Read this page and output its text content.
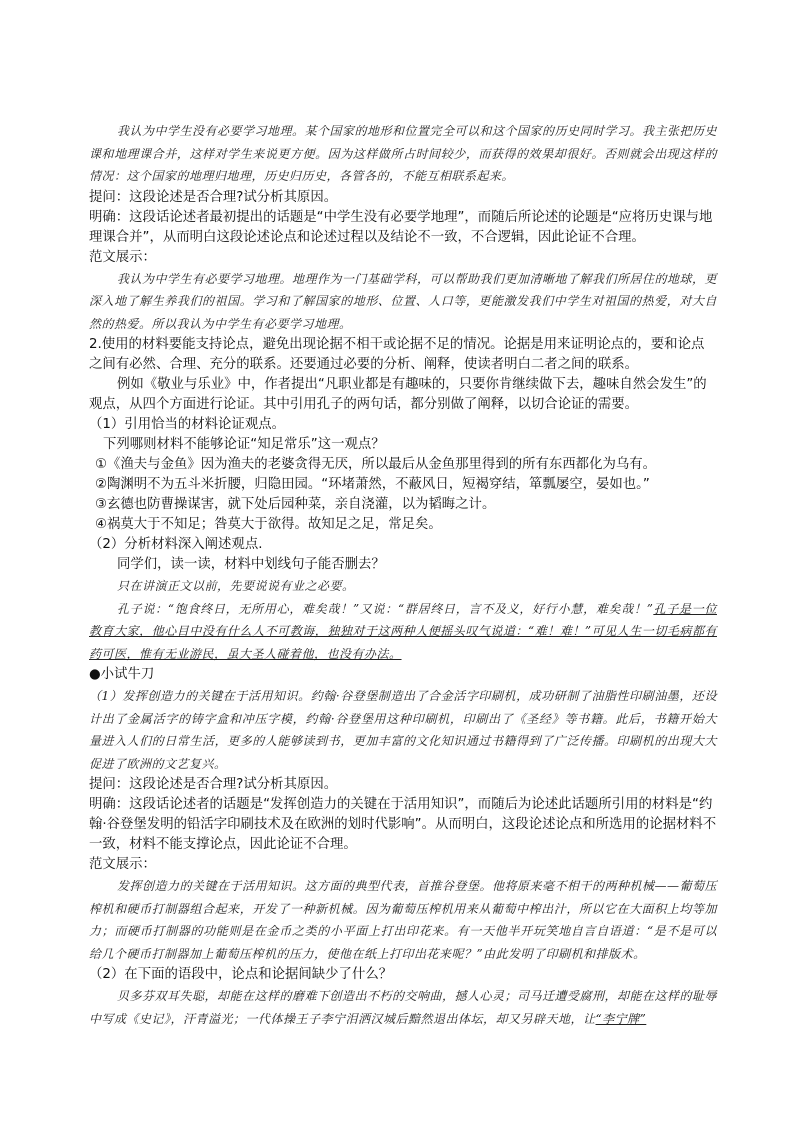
我认为中学生没有必要学习地理。某个国家的地形和位置完全可以和这个国家的历史同时学习。我主张把历史课和地理课合并，这样对学生来说更方便。因为这样做所占时间较少，而获得的效果却很好。否则就会出现这样的情况：这个国家的地理归地理，历史归历史，各管各的，不能互相联系起来。

提问：这段论述是否合理?试分析其原因。

明确：这段话论述者最初提出的话题是“中学生没有必要学地理”，而随后所论述的论题是“应将历史课与地理课合并”，从而明白这段论述论点和论述过程以及结论不一致，不合逻辑，因此论证不合理。

范文展示：

我认为中学生有必要学习地理。地理作为一门基础学科，可以帮助我们更加清晰地了解我们所居住的地球，更深入地了解生养我们的祖国。学习和了解国家的地形、位置、人口等，更能激发我们中学生对祖国的热爱，对大自然的热爱。所以我认为中学生有必要学习地理。

2.使用的材料要能支持论点，避免出现论据不相干或论据不足的情况。论据是用来证明论点的，要和论点之间有必然、合理、充分的联系。还要通过必要的分析、阐释，使读者明白二者之间的联系。

例如《敬业与乐业》中，作者提出“凡职业都是有趣味的，只要你肯继续做下去，趣味自然会发生”的观点，从四个方面进行论证。其中引用孔子的两句话，都分别做了阐释，以切合论证的需要。

（1）引用恰当的材料论证观点。

下列哪则材料不能够论证“知足常乐”这一观点？

①《渔夫与金鱼》因为渔夫的老婆贪得无厌，所以最后从金鱼那里得到的所有东西都化为乌有。

②陶渊明不为五斗米折腰，归隐田园。“环堵萧然，不蔽风日，短褐穿结，箪瓢屡空，晏如也。”

③玄德也防曹操谋害，就下处后园种菜，亲自浇灌，以为韬晦之计。

④祸莫大于不知足；咎莫大于欲得。故知足之足，常足矣。

（2）分析材料深入阐述观点.

同学们，读一读，材料中划线句子能否删去？

只在讲演正文以前，先要说说有业之必要。

孔子说：“饱食终日，无所用心，难矣哉！”又说：“群居终日，言不及义，好行小慧，难矣哉！”孔子是一位教育大家，他心目中没有什么人不可教诲，独独对于这两种人便摇头叹气说道：“难！难！”可见人生一切毛病都有药可医，惟有无业游民，虽大圣人碰着他，也没有办法。

●小试牛刀

（1）发挥创造力的关键在于活用知识。约翰·谷登堡制造出了合金活字印刷机，成功研制了油脂性印刷油墨，还设计出了金属活字的铸字盒和冲压字模，约翰·谷登堡用这种印刷机，印刷出了《圣经》等书籍。此后，书籍开始大量进入人们的日常生活，更多的人能够读到书，更加丰富的文化知识通过书籍得到了广泛传播。印刷机的出现大大促进了欧洲的文艺复兴。

提问：这段论述是否合理?试分析其原因。

明确：这段话论述者的话题是“发挥创造力的关键在于活用知识”，而随后为论述此话题所引用的材料是“约翰·谷登堡发明的铅活字印刷技术及在欧洲的划时代影响”。从而明白，这段论述论点和所选用的论据材料不一致，材料不能支撑论点，因此论证不合理。

范文展示：

发挥创造力的关键在于活用知识。这方面的典型代表，首推谷登堡。他将原来毫不相干的两种机械——葡萄压榨机和硬币打制器组合起来，开发了一种新机械。因为葡萄压榨机用来从葡萄中榨出汁，所以它在大面积上均等加力；而硬币打制器的功能则是在金币之类的小平面上打出印花来。有一天他半开玩笑地自言自语道：“是不是可以给几个硬币打制器加上葡萄压榨机的压力，使他在纸上打印出花来呢？”由此发明了印刷机和排版术。

（2）在下面的语段中，论点和论据间缺少了什么？

贝多芬双耳失聪，却能在这样的磨难下创造出不朽的交响曲，撼人心灵；司马迁遭受腐刑，却能在这样的耻辱中写成《史记》，汗青溢光；一代体操王子李宁泪洒汉城后黯然退出体坛，却又另辟天地，让“李宁牌”
